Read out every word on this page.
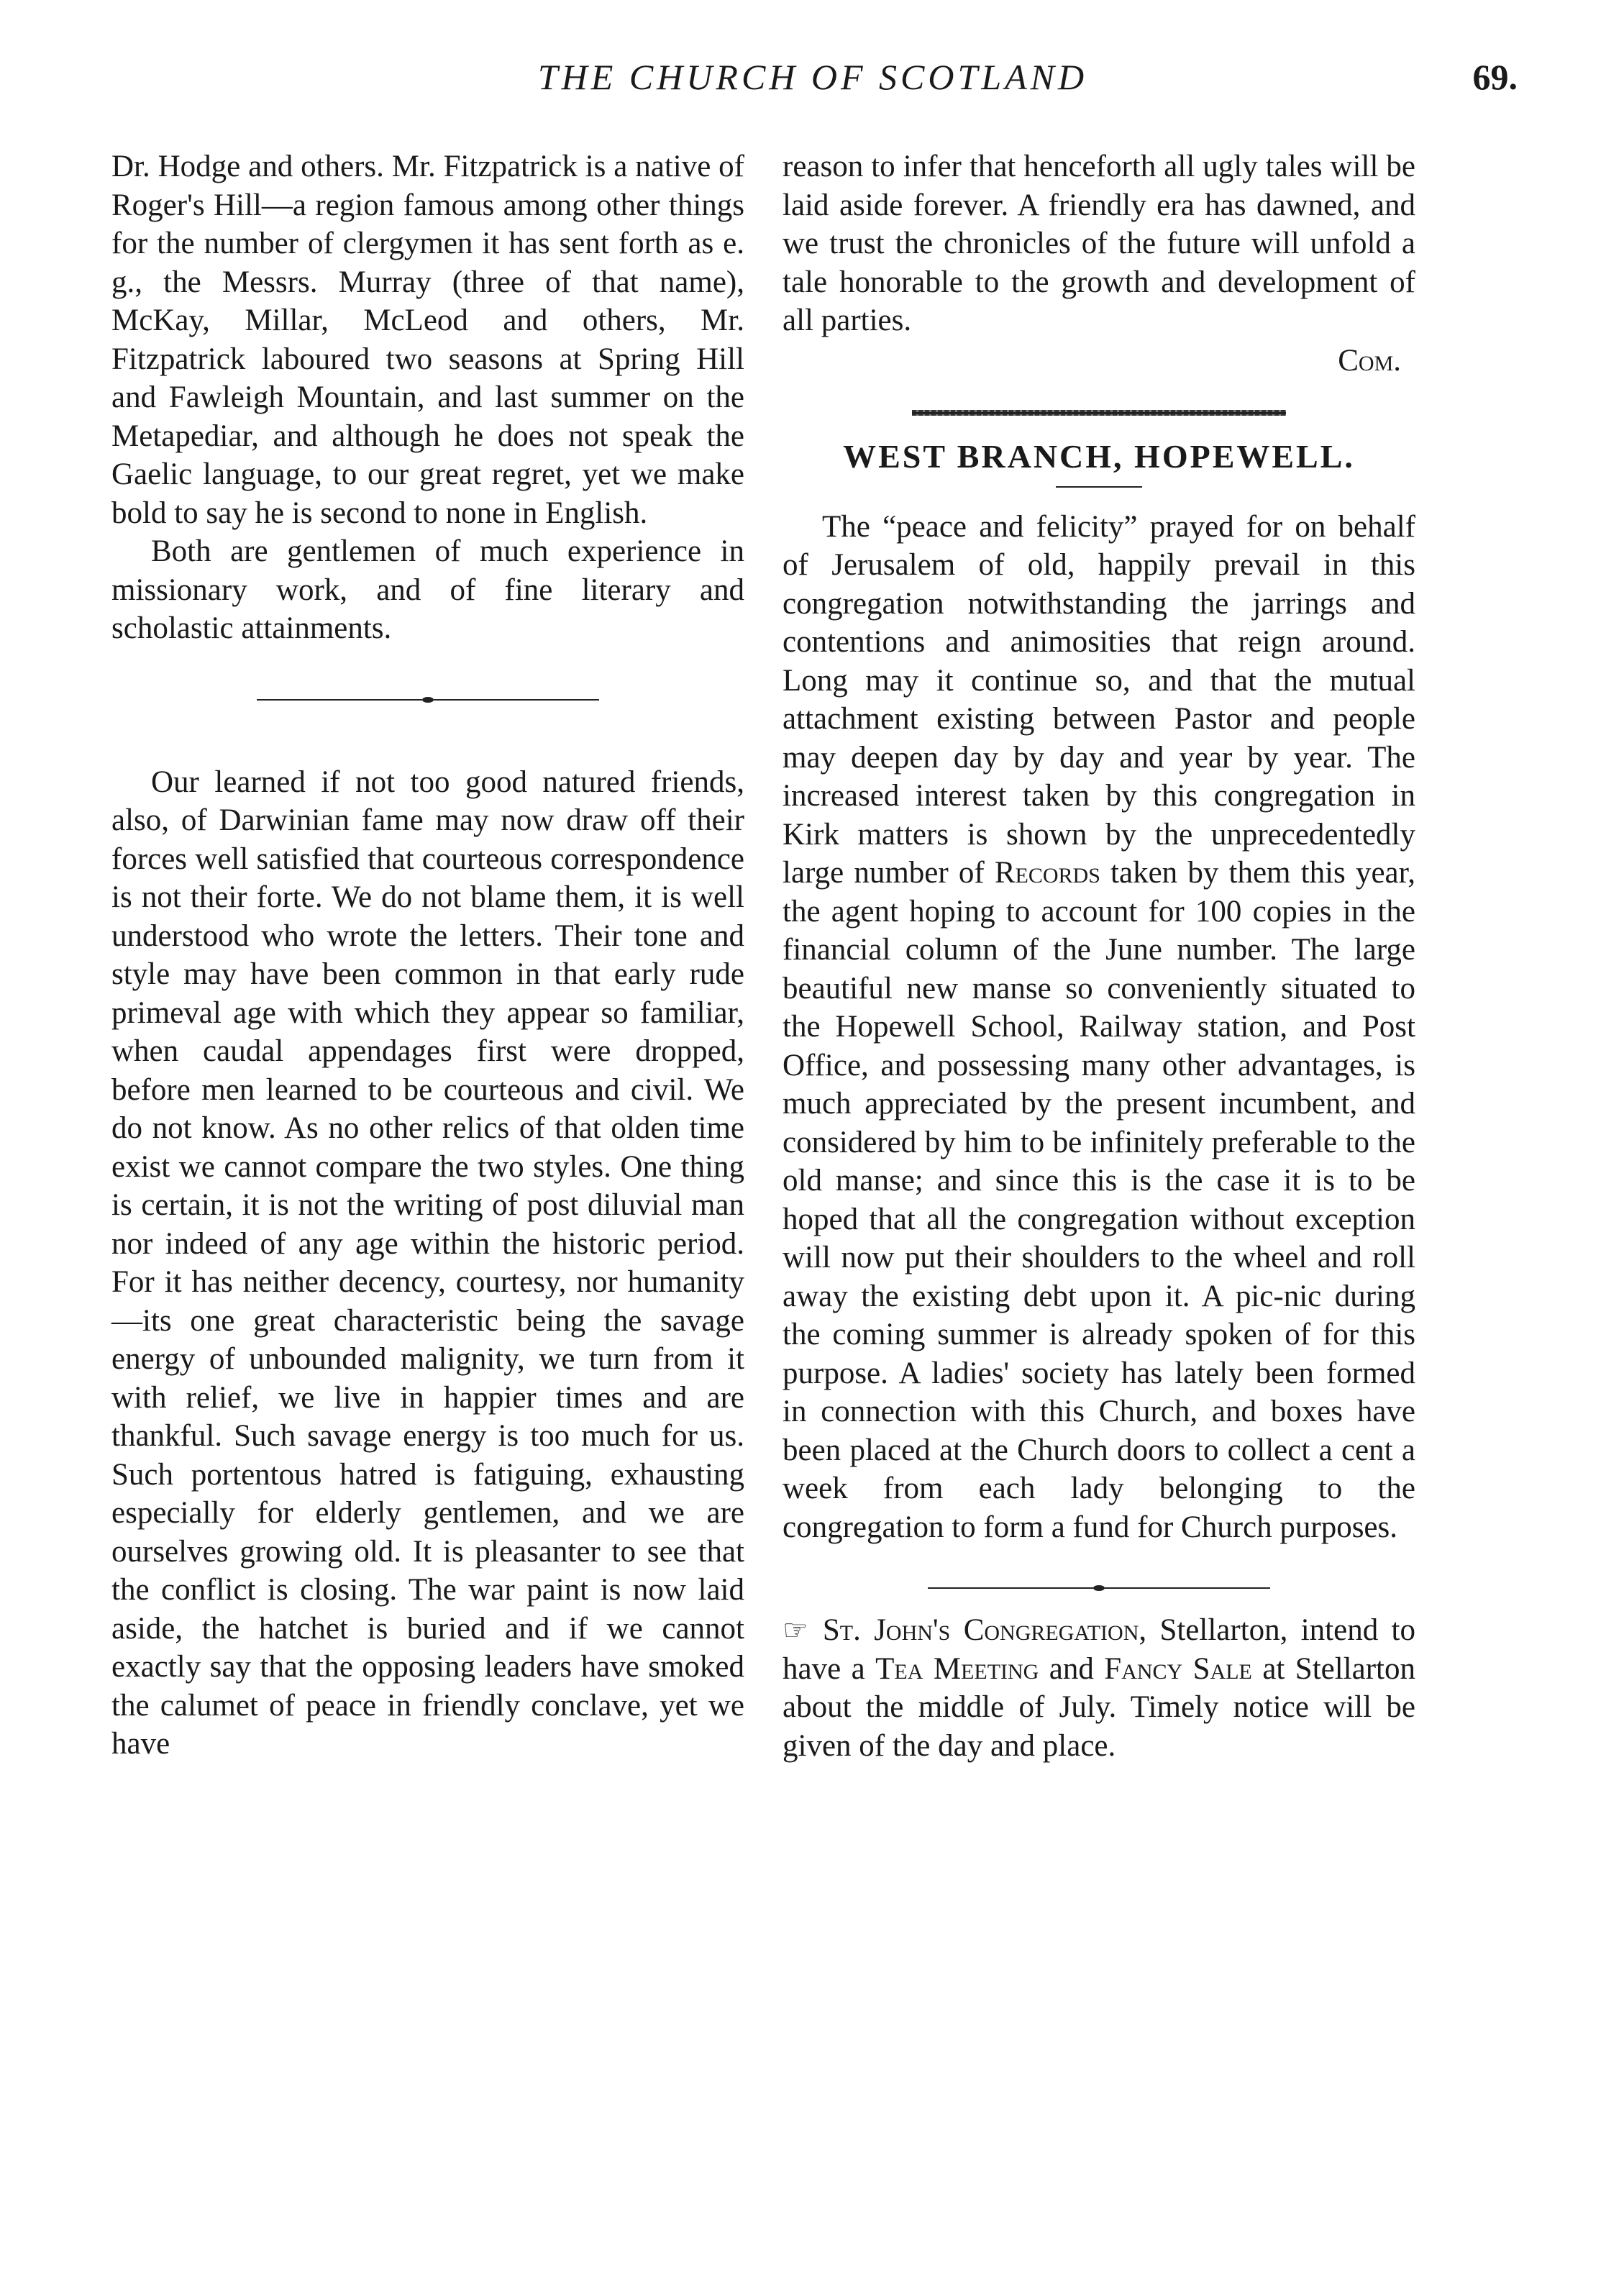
THE CHURCH OF SCOTLAND	69.

Dr. Hodge and others. Mr. Fitzpatrick is a native of Roger's Hill—a region famous among other things for the number of clergymen it has sent forth as e. g., the Messrs. Murray (three of that name), McKay, Millar, McLeod and others, Mr. Fitzpatrick laboured two seasons at Spring Hill and Fawleigh Mountain, and last summer on the Metapediar, and although he does not speak the Gaelic language, to our great regret, yet we make bold to say he is second to none in English.

Both are gentlemen of much experience in missionary work, and of fine literary and scholastic attainments.

Our learned if not too good natured friends, also, of Darwinian fame may now draw off their forces well satisfied that courteous correspondence is not their forte. We do not blame them, it is well understood who wrote the letters. Their tone and style may have been common in that early rude primeval age with which they appear so familiar, when caudal appendages first were dropped, before men learned to be courteous and civil. We do not know. As no other relics of that olden time exist we cannot compare the two styles. One thing is certain, it is not the writing of post diluvial man nor indeed of any age within the historic period. For it has neither decency, courtesy, nor humanity —its one great characteristic being the savage energy of unbounded malignity, we turn from it with relief, we live in happier times and are thankful. Such savage energy is too much for us. Such portentous hatred is fatiguing, exhausting especially for elderly gentlemen, and we are ourselves growing old. It is pleasanter to see that the conflict is closing. The war paint is now laid aside, the hatchet is buried and if we cannot exactly say that the opposing leaders have smoked the calumet of peace in friendly conclave, yet we have

reason to infer that henceforth all ugly tales will be laid aside forever. A friendly era has dawned, and we trust the chronicles of the future will unfold a tale honorable to the growth and development of all parties.

Com.
WEST BRANCH, HOPEWELL.

The “peace and felicity” prayed for on behalf of Jerusalem of old, happily prevail in this congregation notwithstanding the jarrings and contentions and animosities that reign around. Long may it continue so, and that the mutual attachment existing between Pastor and people may deepen day by day and year by year. The increased interest taken by this congregation in Kirk matters is shown by the unprecedentedly large number of Records taken by them this year, the agent hoping to account for 100 copies in the financial column of the June number. The large beautiful new manse so conveniently situated to the Hopewell School, Railway station, and Post Office, and possessing many other advantages, is much appreciated by the present incumbent, and considered by him to be infinitely preferable to the old manse; and since this is the case it is to be hoped that all the congregation without exception will now put their shoulders to the wheel and roll away the existing debt upon it. A pic-nic during the coming summer is already spoken of for this purpose. A ladies' society has lately been formed in connection with this Church, and boxes have been placed at the Church doors to collect a cent a week from each lady belonging to the congregation to form a fund for Church purposes.

☞ St. John's Congregation, Stellarton, intend to have a Tea Meeting and Fancy Sale at Stellarton about the middle of July. Timely notice will be given of the day and place.
